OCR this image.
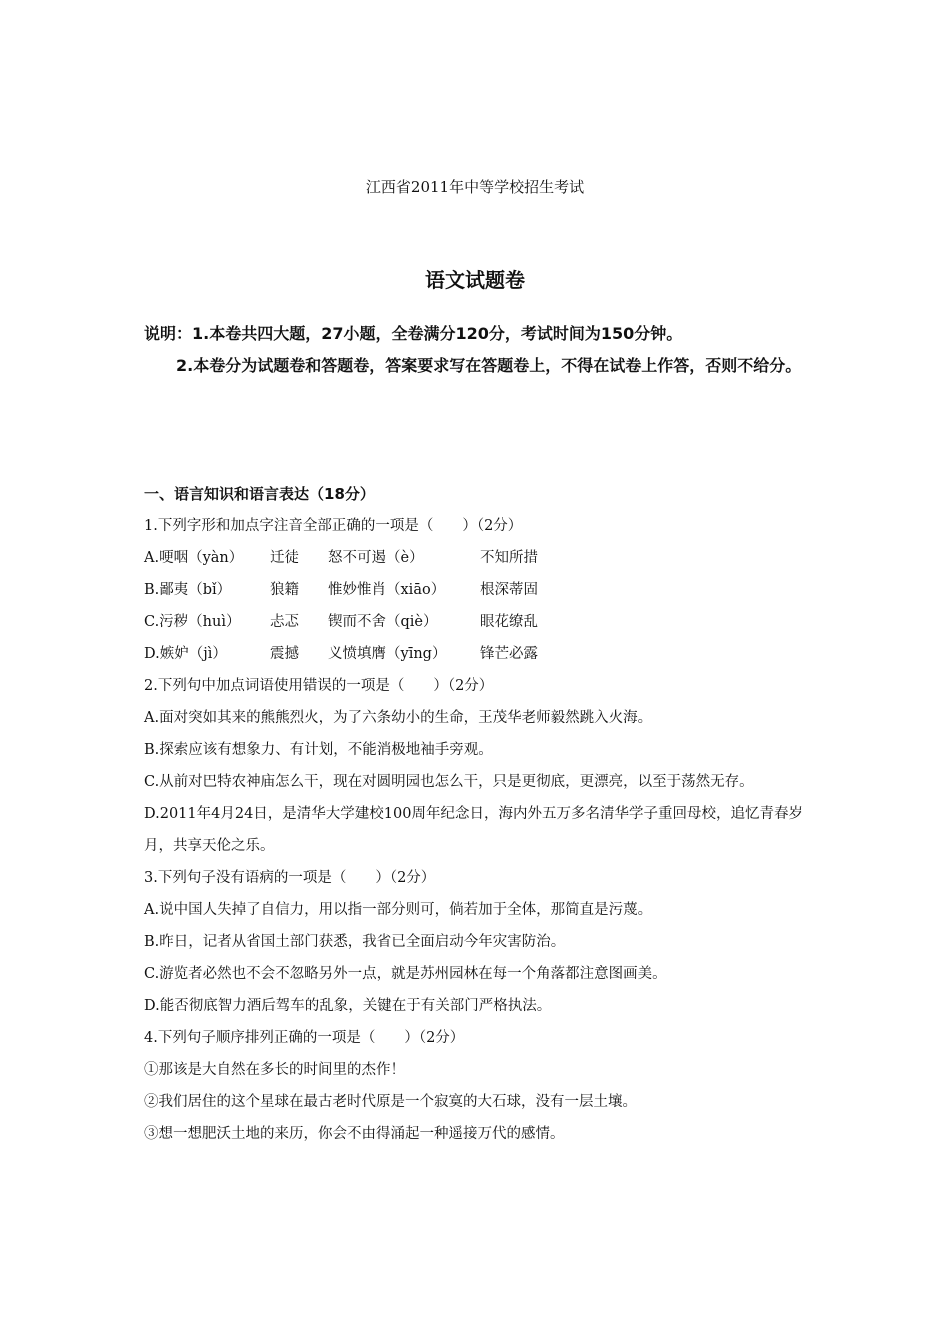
江西省2011年中等学校招生考试
语文试题卷
说明：1.本卷共四大题，27小题，全卷满分120分，考试时间为150分钟。
2.本卷分为试题卷和答题卷，答案要求写在答题卷上，不得在试卷上作答，否则不给分。
一、语言知识和语言表达（18分）
1.下列字形和加点字注音全部正确的一项是（　　）（2分）
A.哽咽（yàn）	迁徒	怒不可遏（è）	不知所措
B.鄙夷（bǐ）	狼籍	惟妙惟肖（xiāo）	根深蒂固
C.污秽（huì）	忐忑	锲而不舍（qiè）	眼花缭乱
D.嫉妒（jì）	震撼	义愤填膺（yīng）	锋芒必露
2.下列句中加点词语使用错误的一项是（　　）（2分）
A.面对突如其来的熊熊烈火，为了六条幼小的生命，王茂华老师毅然跳入火海。
B.探索应该有想象力、有计划，不能消极地袖手旁观。
C.从前对巴特农神庙怎么干，现在对圆明园也怎么干，只是更彻底，更漂亮，以至于荡然无存。
D.2011年4月24日，是清华大学建校100周年纪念日，海内外五万多名清华学子重回母校，追忆青春岁月，共享天伦之乐。
3.下列句子没有语病的一项是（　　）（2分）
A.说中国人失掉了自信力，用以指一部分则可，倘若加于全体，那简直是污蔑。
B.昨日，记者从省国土部门获悉，我省已全面启动今年灾害防治。
C.游览者必然也不会不忽略另外一点，就是苏州园林在每一个角落都注意图画美。
D.能否彻底智力酒后驾车的乱象，关键在于有关部门严格执法。
4.下列句子顺序排列正确的一项是（　　）（2分）
①那该是大自然在多长的时间里的杰作！
②我们居住的这个星球在最古老时代原是一个寂寞的大石球，没有一层土壤。
③想一想肥沃土地的来历，你会不由得涌起一种遥接万代的感情。
